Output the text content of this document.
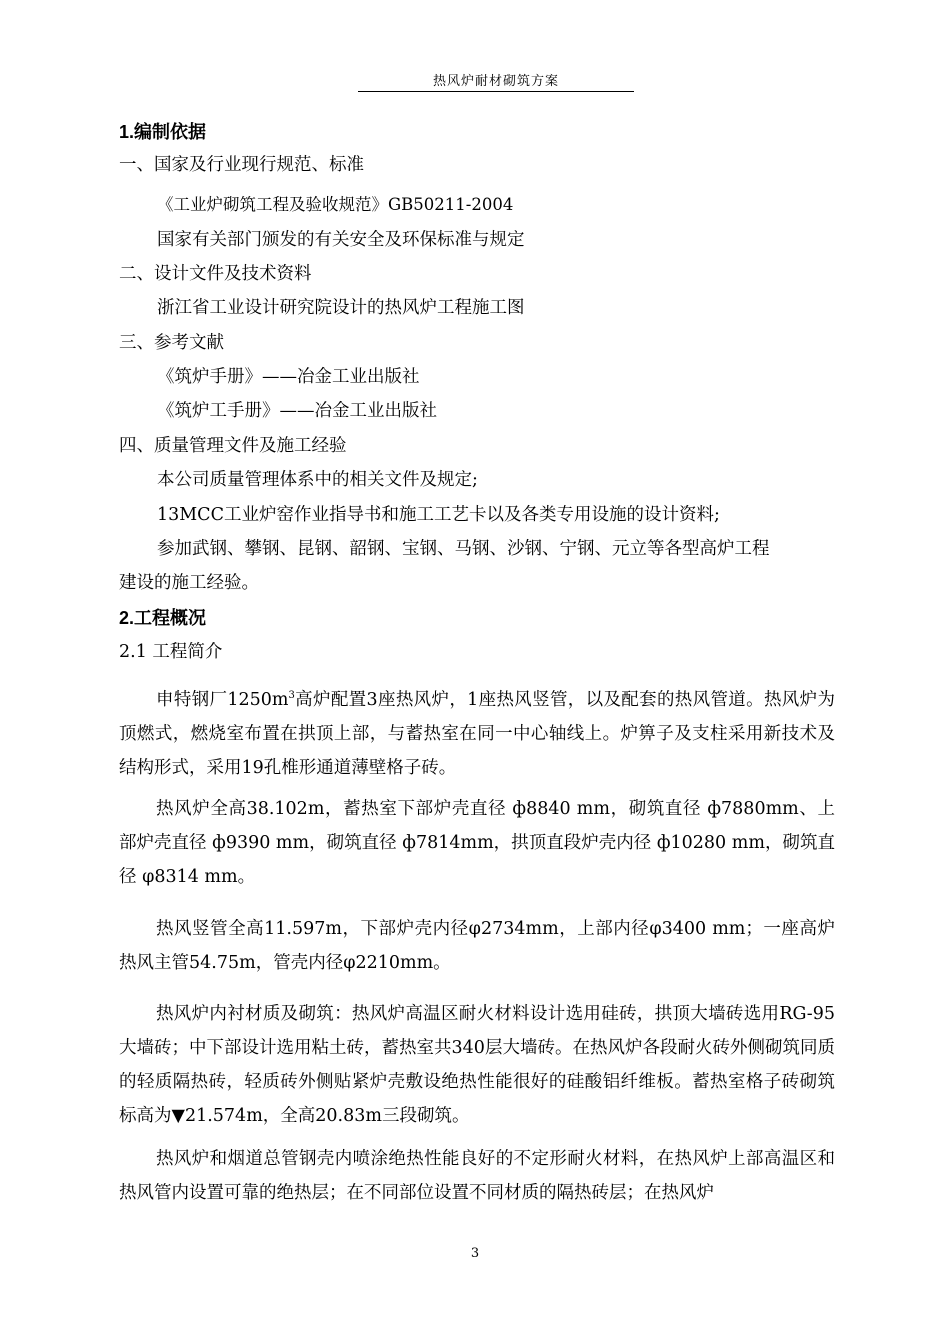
热风炉耐材砌筑方案
1.编制依据
一、国家及行业现行规范、标准
《工业炉砌筑工程及验收规范》GB50211-2004
国家有关部门颁发的有关安全及环保标准与规定
二、设计文件及技术资料
浙江省工业设计研究院设计的热风炉工程施工图
三、参考文献
《筑炉手册》——冶金工业出版社
《筑炉工手册》——冶金工业出版社
四、质量管理文件及施工经验
本公司质量管理体系中的相关文件及规定;
13MCC工业炉窑作业指导书和施工工艺卡以及各类专用设施的设计资料;
参加武钢、攀钢、昆钢、韶钢、宝钢、马钢、沙钢、宁钢、元立等各型高炉工程
建设的施工经验。
2.工程概况
2.1 工程简介
申特钢厂$1250m^3$高炉配置3座热风炉，1座热风竖管，以及配套的热风管道。热风炉为顶燃式，燃烧室布置在拱顶上部，与蓄热室在同一中心轴线上。炉箅子及支柱采用新技术及结构形式，采用19孔椎形通道薄壁格子砖。
热风炉全高38.102m，蓄热室下部炉壳直径 ф8840 mm，砌筑直径 ф7880mm、上部炉壳直径 ф9390 mm，砌筑直径 ф7814mm，拱顶直段炉壳内径 ф10280 mm，砌筑直径 φ8314 mm。
热风竖管全高11.597m，下部炉壳内径φ2734mm，上部内径φ3400 mm；一座高炉热风主管54.75m，管壳内径φ2210mm。
热风炉内衬材质及砌筑：热风炉高温区耐火材料设计选用硅砖，拱顶大墙砖选用RG-95大墙砖；中下部设计选用粘土砖，蓄热室共340层大墙砖。在热风炉各段耐火砖外侧砌筑同质的轻质隔热砖，轻质砖外侧贴紧炉壳敷设绝热性能很好的硅酸铝纤维板。蓄热室格子砖砌筑标高为▼21.574m，全高20.83m三段砌筑。
热风炉和烟道总管钢壳内喷涂绝热性能良好的不定形耐火材料，在热风炉上部高温区和热风管内设置可靠的绝热层；在不同部位设置不同材质的隔热砖层；在热风炉
3
